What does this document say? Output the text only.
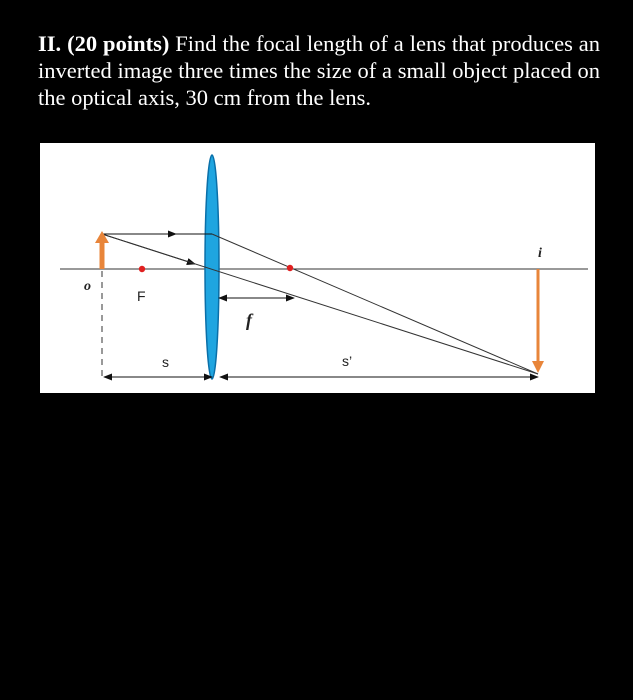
II. (20 points) Find the focal length of a lens that produces an inverted image three times the size of a small object placed on the optical axis, 30 cm from the lens.

o
F
f
s	s’
i
